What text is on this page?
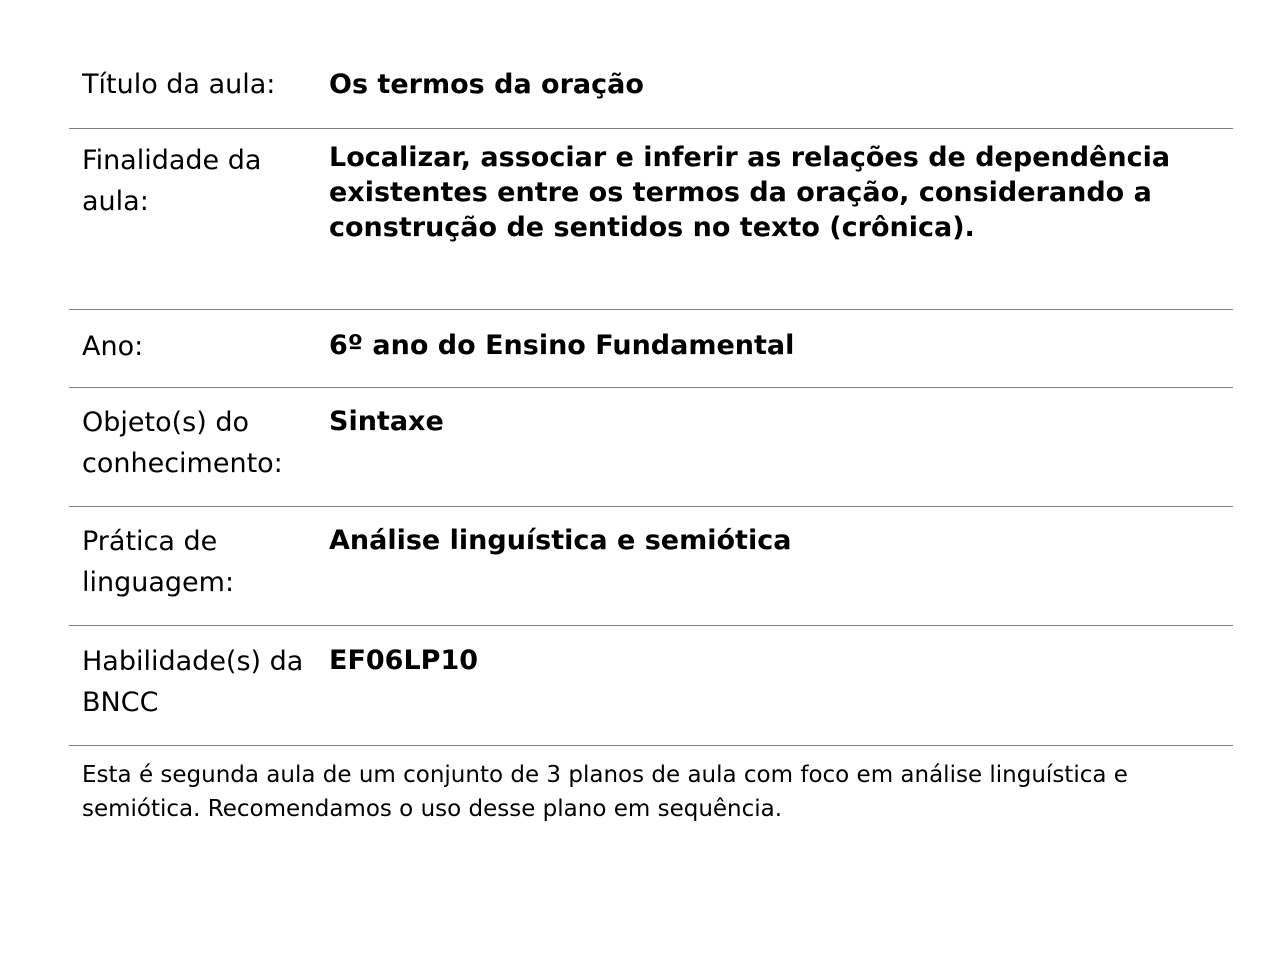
Título da aula:	Os termos da oração
Finalidade da aula:
Localizar, associar e inferir as relações de dependência existentes entre os termos da oração, considerando a construção de sentidos no texto (crônica).
Ano:	6º ano do Ensino Fundamental
Objeto(s) do conhecimento:
Sintaxe
Prática de linguagem:
Análise linguística e semiótica
Habilidade(s) da BNCC
EF06LP10
Esta é segunda aula de um conjunto de 3 planos de aula com foco em análise linguística e semiótica. Recomendamos o uso desse plano em sequência.
